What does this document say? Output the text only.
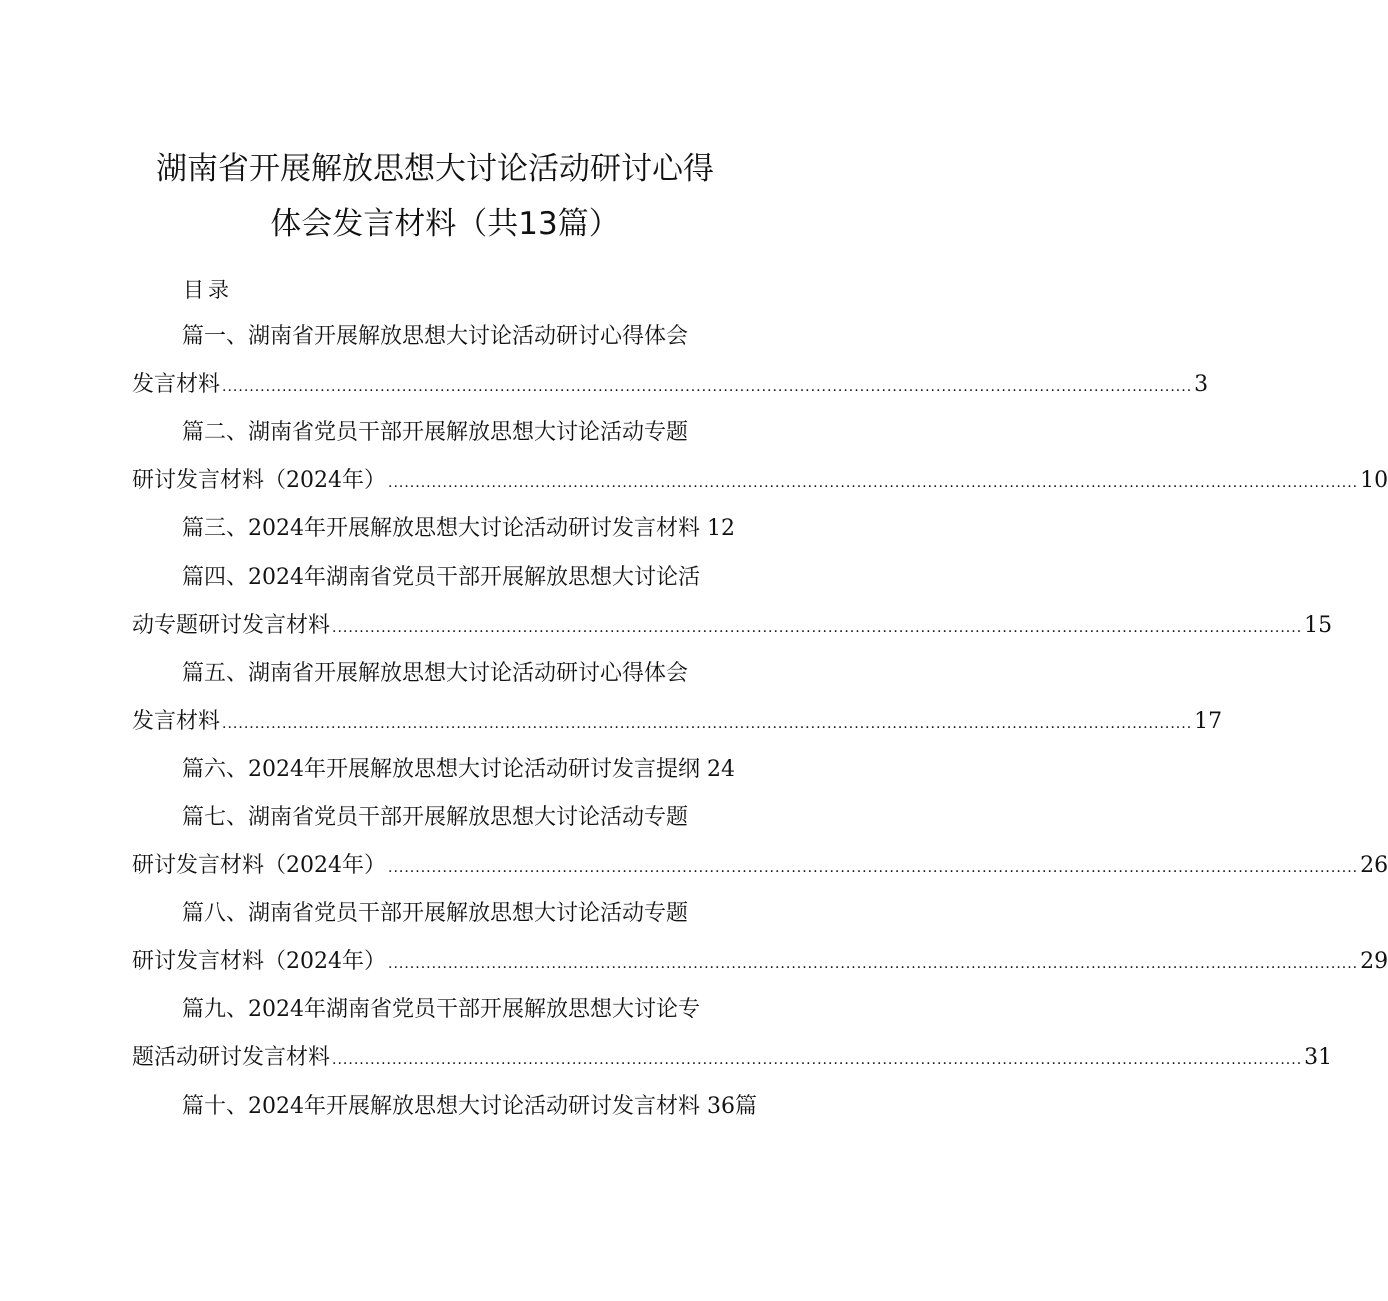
湖南省开展解放思想大讨论活动研讨心得
体会发言材料（共13篇）
目录
篇一、湖南省开展解放思想大讨论活动研讨心得体会
发言材料 .................................................................................................................................................................................. 3
篇二、湖南省党员干部开展解放思想大讨论活动专题
研讨发言材料（2024年） .................................................................................................................................................................................. 10
篇三、2024年开展解放思想大讨论活动研讨发言材料 12
篇四、2024年湖南省党员干部开展解放思想大讨论活
动专题研讨发言材料 .................................................................................................................................................................................. 15
篇五、湖南省开展解放思想大讨论活动研讨心得体会
发言材料 .................................................................................................................................................................................. 17
篇六、2024年开展解放思想大讨论活动研讨发言提纲 24
篇七、湖南省党员干部开展解放思想大讨论活动专题
研讨发言材料（2024年） .................................................................................................................................................................................. 26
篇八、湖南省党员干部开展解放思想大讨论活动专题
研讨发言材料（2024年） .................................................................................................................................................................................. 29
篇九、2024年湖南省党员干部开展解放思想大讨论专
题活动研讨发言材料 .................................................................................................................................................................................. 31
篇十、2024年开展解放思想大讨论活动研讨发言材料 36篇
